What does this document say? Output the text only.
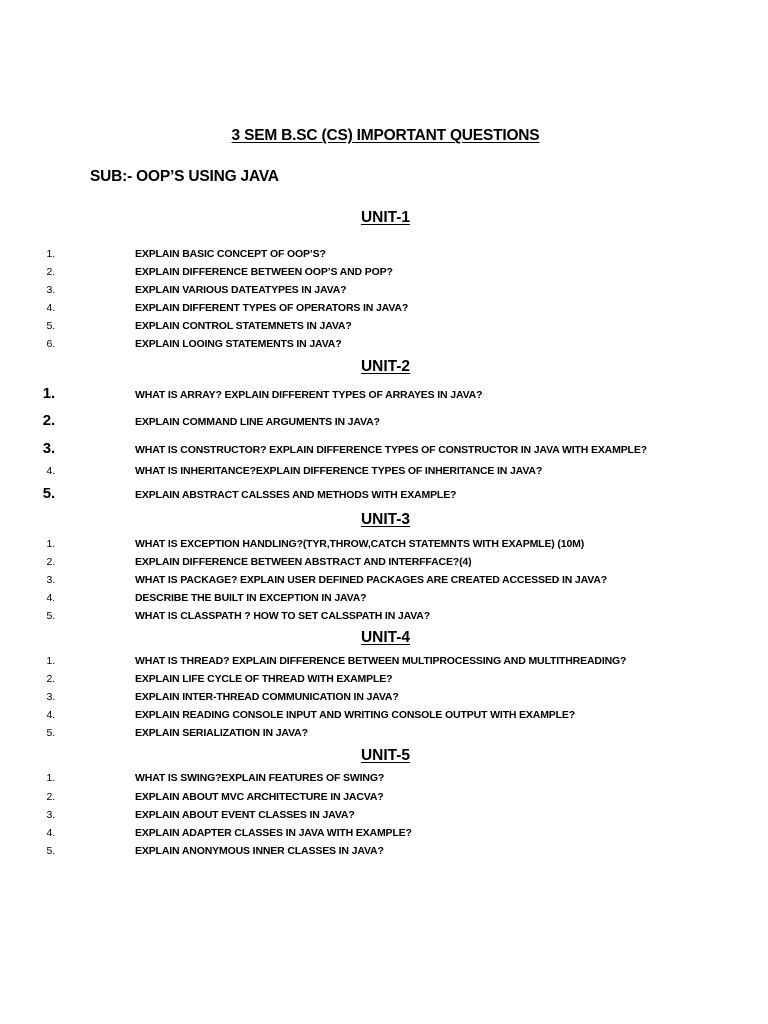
3 SEM B.SC (CS) IMPORTANT QUESTIONS
SUB:- OOP’S USING JAVA
UNIT-1
1.	EXPLAIN BASIC CONCEPT OF OOP’S?
2.	EXPLAIN DIFFERENCE BETWEEN OOP’S AND POP?
3.	EXPLAIN VARIOUS DATEATYPES IN JAVA?
4.	EXPLAIN DIFFERENT TYPES OF OPERATORS IN JAVA?
5.	EXPLAIN CONTROL STATEMNETS IN JAVA?
6.	EXPLAIN LOOING STATEMENTS IN JAVA?
UNIT-2
1.	WHAT IS ARRAY? EXPLAIN DIFFERENT TYPES OF ARRAYES IN JAVA?
2.	EXPLAIN COMMAND LINE ARGUMENTS IN JAVA?
3.	WHAT IS CONSTRUCTOR? EXPLAIN DIFFERENCE TYPES OF CONSTRUCTOR IN JAVA WITH EXAMPLE?
4.	WHAT IS INHERITANCE?EXPLAIN DIFFERENCE TYPES OF INHERITANCE IN JAVA?
5.	EXPLAIN ABSTRACT CALSSES AND METHODS WITH EXAMPLE?
UNIT-3
1.	WHAT IS EXCEPTION HANDLING?(TYR,THROW,CATCH STATEMNTS WITH EXAPMLE) (10M)
2.	EXPLAIN DIFFERENCE BETWEEN ABSTRACT AND INTERFFACE?(4)
3.	WHAT IS PACKAGE? EXPLAIN USER DEFINED PACKAGES ARE CREATED ACCESSED IN JAVA?
4.	DESCRIBE THE BUILT IN EXCEPTION IN JAVA?
5.	WHAT IS CLASSPATH ? HOW TO SET CALSSPATH IN JAVA?
UNIT-4
1.	WHAT IS THREAD? EXPLAIN DIFFERENCE BETWEEN MULTIPROCESSING AND MULTITHREADING?
2.	EXPLAIN LIFE CYCLE OF THREAD WITH EXAMPLE?
3.	EXPLAIN INTER-THREAD COMMUNICATION IN JAVA?
4.	EXPLAIN READING CONSOLE INPUT AND WRITING CONSOLE OUTPUT WITH EXAMPLE?
5.	EXPLAIN SERIALIZATION IN JAVA?
UNIT-5
1.	WHAT IS SWING?EXPLAIN FEATURES OF SWING?
2.	EXPLAIN ABOUT MVC ARCHITECTURE IN JACVA?
3.	EXPLAIN ABOUT EVENT CLASSES IN JAVA?
4.	EXPLAIN ADAPTER CLASSES IN JAVA WITH EXAMPLE?
5.	EXPLAIN ANONYMOUS INNER CLASSES IN JAVA?
